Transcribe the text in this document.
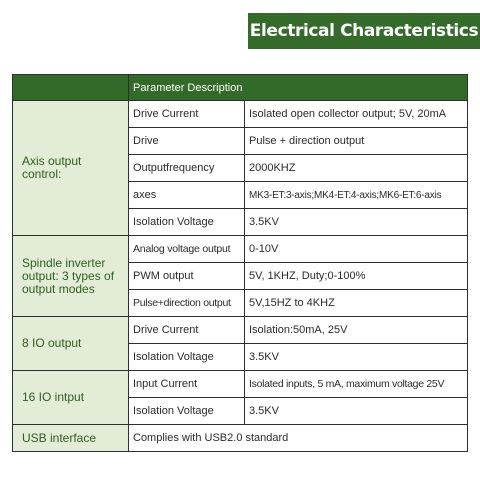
Electrical Characteristics
	Parameter Description	
Axis output control:	Drive Current	Isolated open collector output; 5V, 20mA
	Drive	Pulse + direction output
	Outputfrequency	2000KHZ
	axes	MK3-ET:3-axis;MK4-ET:4-axis;MK6-ET:6-axis
	Isolation Voltage	3.5KV
Spindle inverter output: 3 types of output modes	Analog voltage output	0-10V
	PWM output	5V, 1KHZ, Duty;0-100%
	Pulse+direction output	5V,15HZ to 4KHZ
8 IO output	Drive Current	Isolation:50mA, 25V
	Isolation Voltage	3.5KV
16 IO intput	Input Current	Isolated inputs, 5 mA, maximum voltage 25V
	Isolation Voltage	3.5KV
USB interface	Complies with USB2.0 standard	
